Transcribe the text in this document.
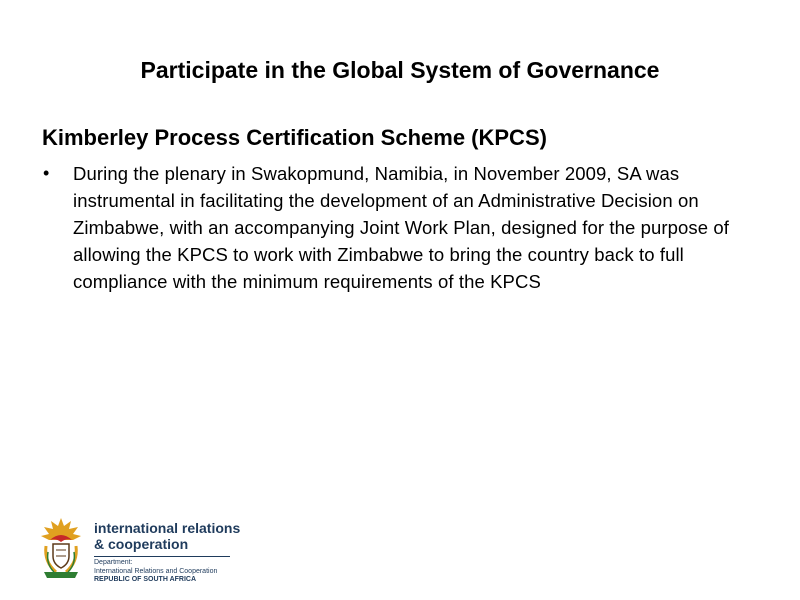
Participate in the Global System of Governance
Kimberley Process Certification Scheme (KPCS)
• During the plenary in Swakopmund, Namibia, in November 2009, SA was instrumental in facilitating the development of an Administrative Decision on Zimbabwe, with an accompanying Joint Work Plan, designed for the purpose of allowing the KPCS to work with Zimbabwe to bring the country back to full compliance with the minimum requirements of the KPCS
international relations
& cooperation
Department:
International Relations and Cooperation
REPUBLIC OF SOUTH AFRICA
